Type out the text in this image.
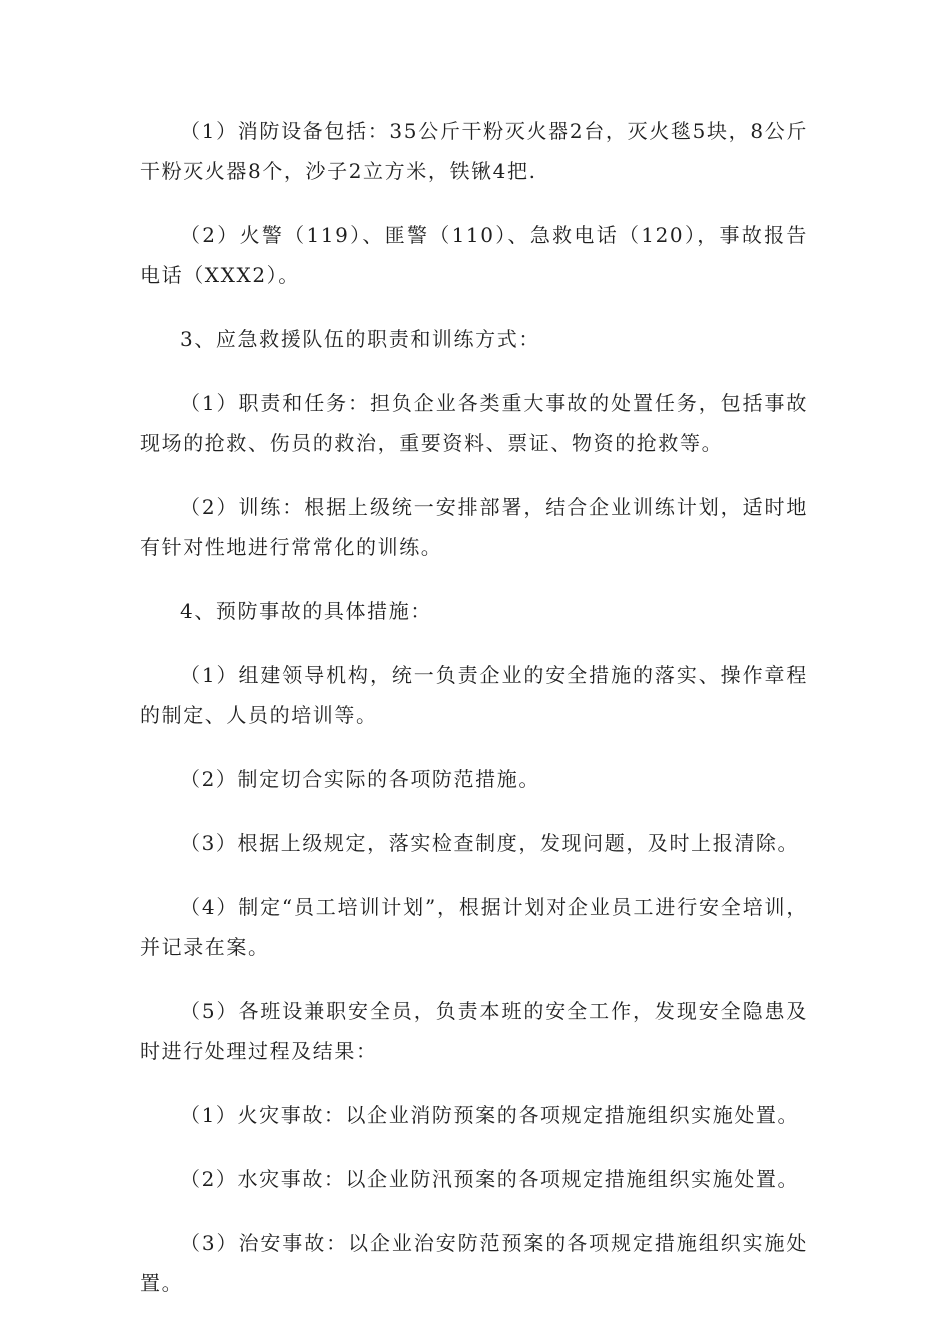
（1）消防设备包括：35公斤干粉灭火器2台，灭火毯5块，8公斤干粉灭火器8个，沙子2立方米，铁锹4把.

（2）火警（119）、匪警（110）、急救电话（120），事故报告电话（XXX2）。

3、应急救援队伍的职责和训练方式：

（1）职责和任务：担负企业各类重大事故的处置任务，包括事故现场的抢救、伤员的救治，重要资料、票证、物资的抢救等。

（2）训练：根据上级统一安排部署，结合企业训练计划，适时地有针对性地进行常常化的训练。

4、预防事故的具体措施：

（1）组建领导机构，统一负责企业的安全措施的落实、操作章程的制定、人员的培训等。

（2）制定切合实际的各项防范措施。

（3）根据上级规定，落实检查制度，发现问题，及时上报清除。

（4）制定“员工培训计划”，根据计划对企业员工进行安全培训，并记录在案。

（5）各班设兼职安全员，负责本班的安全工作，发现安全隐患及时进行处理过程及结果：

（1）火灾事故：以企业消防预案的各项规定措施组织实施处置。

（2）水灾事故：以企业防汛预案的各项规定措施组织实施处置。

（3）治安事故：以企业治安防范预案的各项规定措施组织实施处置。
